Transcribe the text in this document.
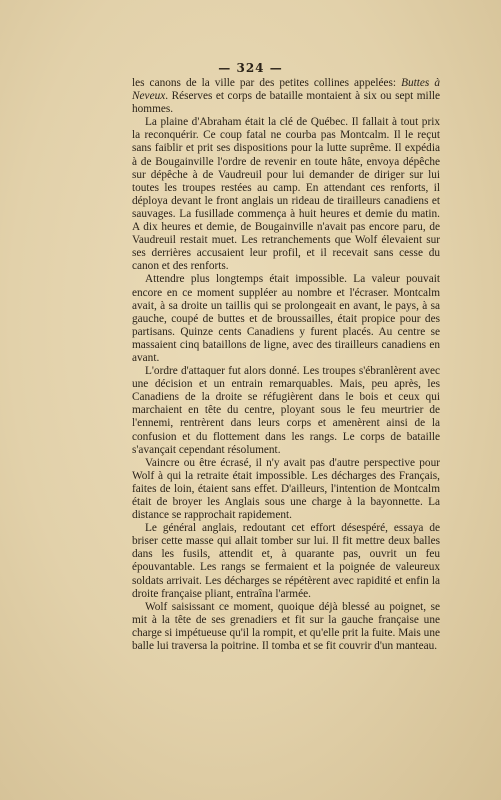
— 324 —

les canons de la ville par des petites collines appelées: Buttes à Neveux. Réserves et corps de bataille montaient à six ou sept mille hommes.

La plaine d'Abraham était la clé de Québec. Il fallait à tout prix la reconquérir. Ce coup fatal ne courba pas Montcalm. Il le reçut sans faiblir et prit ses dispositions pour la lutte suprême. Il expédia à de Bougainville l'ordre de revenir en toute hâte, envoya dépêche sur dépêche à de Vaudreuil pour lui demander de diriger sur lui toutes les troupes restées au camp. En attendant ces renforts, il déploya devant le front anglais un rideau de tirailleurs canadiens et sauvages. La fusillade commença à huit heures et demie du matin. A dix heures et demie, de Bougainville n'avait pas encore paru, de Vaudreuil restait muet. Les retranchements que Wolf élevaient sur ses derrières accusaient leur profil, et il recevait sans cesse du canon et des renforts.

Attendre plus longtemps était impossible. La valeur pouvait encore en ce moment suppléer au nombre et l'écraser. Montcalm avait, à sa droite un taillis qui se prolongeait en avant, le pays, à sa gauche, coupé de buttes et de broussailles, était propice pour des partisans. Quinze cents Canadiens y furent placés. Au centre se massaient cinq bataillons de ligne, avec des tirailleurs canadiens en avant.

L'ordre d'attaquer fut alors donné. Les troupes s'ébranlèrent avec une décision et un entrain remarquables. Mais, peu après, les Canadiens de la droite se réfugièrent dans le bois et ceux qui marchaient en tête du centre, ployant sous le feu meurtrier de l'ennemi, rentrèrent dans leurs corps et amenèrent ainsi de la confusion et du flottement dans les rangs. Le corps de bataille s'avançait cependant résolument.

Vaincre ou être écrasé, il n'y avait pas d'autre perspective pour Wolf à qui la retraite était impossible. Les décharges des Français, faites de loin, étaient sans effet. D'ailleurs, l'intention de Montcalm était de broyer les Anglais sous une charge à la bayonnette. La distance se rapprochait rapidement.

Le général anglais, redoutant cet effort désespéré, essaya de briser cette masse qui allait tomber sur lui. Il fit mettre deux balles dans les fusils, attendit et, à quarante pas, ouvrit un feu épouvantable. Les rangs se fermaient et la poignée de valeureux soldats arrivait. Les décharges se répétèrent avec rapidité et enfin la droite française pliant, entraîna l'armée.

Wolf saisissant ce moment, quoique déjà blessé au poignet, se mit à la tête de ses grenadiers et fit sur la gauche française une charge si impétueuse qu'il la rompit, et qu'elle prit la fuite. Mais une balle lui traversa la poitrine. Il tomba et se fit couvrir d'un manteau.
